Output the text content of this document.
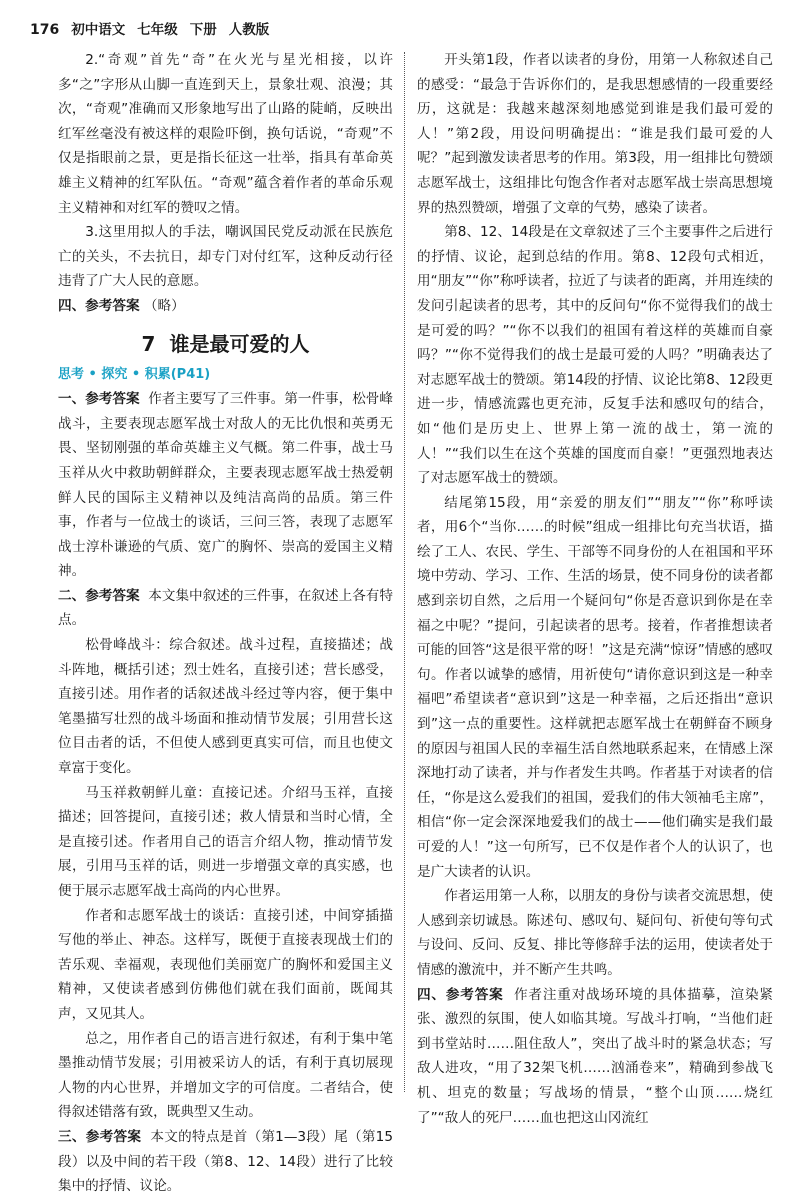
176 初中语文 七年级 下册 人教版

2.“奇观”首先“奇”在火光与星光相接，以许多“之”字形从山脚一直连到天上，景象壮观、浪漫；其次，“奇观”准确而又形象地写出了山路的陡峭，反映出红军丝毫没有被这样的艰险吓倒，换句话说，“奇观”不仅是指眼前之景，更是指长征这一壮举，指具有革命英雄主义精神的红军队伍。“奇观”蕴含着作者的革命乐观主义精神和对红军的赞叹之情。

3.这里用拟人的手法，嘲讽国民党反动派在民族危亡的关头，不去抗日，却专门对付红军，这种反动行径违背了广大人民的意愿。

四、参考答案 （略）

7 谁是最可爱的人

思考 • 探究 • 积累(P41)

一、参考答案 作者主要写了三件事。第一件事，松骨峰战斗，主要表现志愿军战士对敌人的无比仇恨和英勇无畏、坚韧刚强的革命英雄主义气概。第二件事，战士马玉祥从火中救助朝鲜群众，主要表现志愿军战士热爱朝鲜人民的国际主义精神以及纯洁高尚的品质。第三件事，作者与一位战士的谈话，三问三答，表现了志愿军战士淳朴谦逊的气质、宽广的胸怀、崇高的爱国主义精神。

二、参考答案 本文集中叙述的三件事，在叙述上各有特点。

松骨峰战斗：综合叙述。战斗过程，直接描述；战斗阵地，概括引述；烈士姓名，直接引述；营长感受，直接引述。用作者的话叙述战斗经过等内容，便于集中笔墨描写壮烈的战斗场面和推动情节发展；引用营长这位目击者的话，不但使人感到更真实可信，而且也使文章富于变化。

马玉祥救朝鲜儿童：直接记述。介绍马玉祥，直接描述；回答提问，直接引述；救人情景和当时心情，全是直接引述。作者用自己的语言介绍人物，推动情节发展，引用马玉祥的话，则进一步增强文章的真实感，也便于展示志愿军战士高尚的内心世界。

作者和志愿军战士的谈话：直接引述，中间穿插描写他的举止、神态。这样写，既便于直接表现战士们的苦乐观、幸福观，表现他们美丽宽广的胸怀和爱国主义精神，又使读者感到仿佛他们就在我们面前，既闻其声，又见其人。

总之，用作者自己的语言进行叙述，有利于集中笔墨推动情节发展；引用被采访人的话，有利于真切展现人物的内心世界，并增加文字的可信度。二者结合，使得叙述错落有致，既典型又生动。

三、参考答案 本文的特点是首（第1—3段）尾（第15段）以及中间的若干段（第8、12、14段）进行了比较集中的抒情、议论。

开头第1段，作者以读者的身份，用第一人称叙述自己的感受：“最急于告诉你们的，是我思想感情的一段重要经历，这就是：我越来越深刻地感觉到谁是我们最可爱的人！”第2段，用设问明确提出：“谁是我们最可爱的人呢？”起到激发读者思考的作用。第3段，用一组排比句赞颂志愿军战士，这组排比句饱含作者对志愿军战士崇高思想境界的热烈赞颂，增强了文章的气势，感染了读者。

第8、12、14段是在文章叙述了三个主要事件之后进行的抒情、议论，起到总结的作用。第8、12段句式相近，用“朋友”“你”称呼读者，拉近了与读者的距离，并用连续的发问引起读者的思考，其中的反问句“你不觉得我们的战士是可爱的吗？”“你不以我们的祖国有着这样的英雄而自豪吗？”“你不觉得我们的战士是最可爱的人吗？”明确表达了对志愿军战士的赞颂。第14段的抒情、议论比第8、12段更进一步，情感流露也更充沛，反复手法和感叹句的结合，如“他们是历史上、世界上第一流的战士，第一流的人！”“我们以生在这个英雄的国度而自豪！”更强烈地表达了对志愿军战士的赞颂。

结尾第15段，用“亲爱的朋友们”“朋友”“你”称呼读者，用6个“当你……的时候”组成一组排比句充当状语，描绘了工人、农民、学生、干部等不同身份的人在祖国和平环境中劳动、学习、工作、生活的场景，使不同身份的读者都感到亲切自然，之后用一个疑问句“你是否意识到你是在幸福之中呢？”提问，引起读者的思考。接着，作者推想读者可能的回答“这是很平常的呀！”这是充满“惊讶”情感的感叹句。作者以诚挚的感情，用祈使句“请你意识到这是一种幸福吧”希望读者“意识到”这是一种幸福，之后还指出“意识到”这一点的重要性。这样就把志愿军战士在朝鲜奋不顾身的原因与祖国人民的幸福生活自然地联系起来，在情感上深深地打动了读者，并与作者发生共鸣。作者基于对读者的信任，“你是这么爱我们的祖国，爱我们的伟大领袖毛主席”，相信“你一定会深深地爱我们的战士——他们确实是我们最可爱的人！”这一句所写，已不仅是作者个人的认识了，也是广大读者的认识。

作者运用第一人称，以朋友的身份与读者交流思想，使人感到亲切诚恳。陈述句、感叹句、疑问句、祈使句等句式与设问、反问、反复、排比等修辞手法的运用，使读者处于情感的激流中，并不断产生共鸣。

四、参考答案 作者注重对战场环境的具体描摹，渲染紧张、激烈的氛围，使人如临其境。写战斗打响，“当他们赶到书堂站时……阻住敌人”，突出了战斗时的紧急状态；写敌人进攻，“用了32架飞机……汹涌卷来”，精确到参战飞机、坦克的数量；写战场的情景，“整个山顶……烧红了”“敌人的死尸……血也把这山冈流红
